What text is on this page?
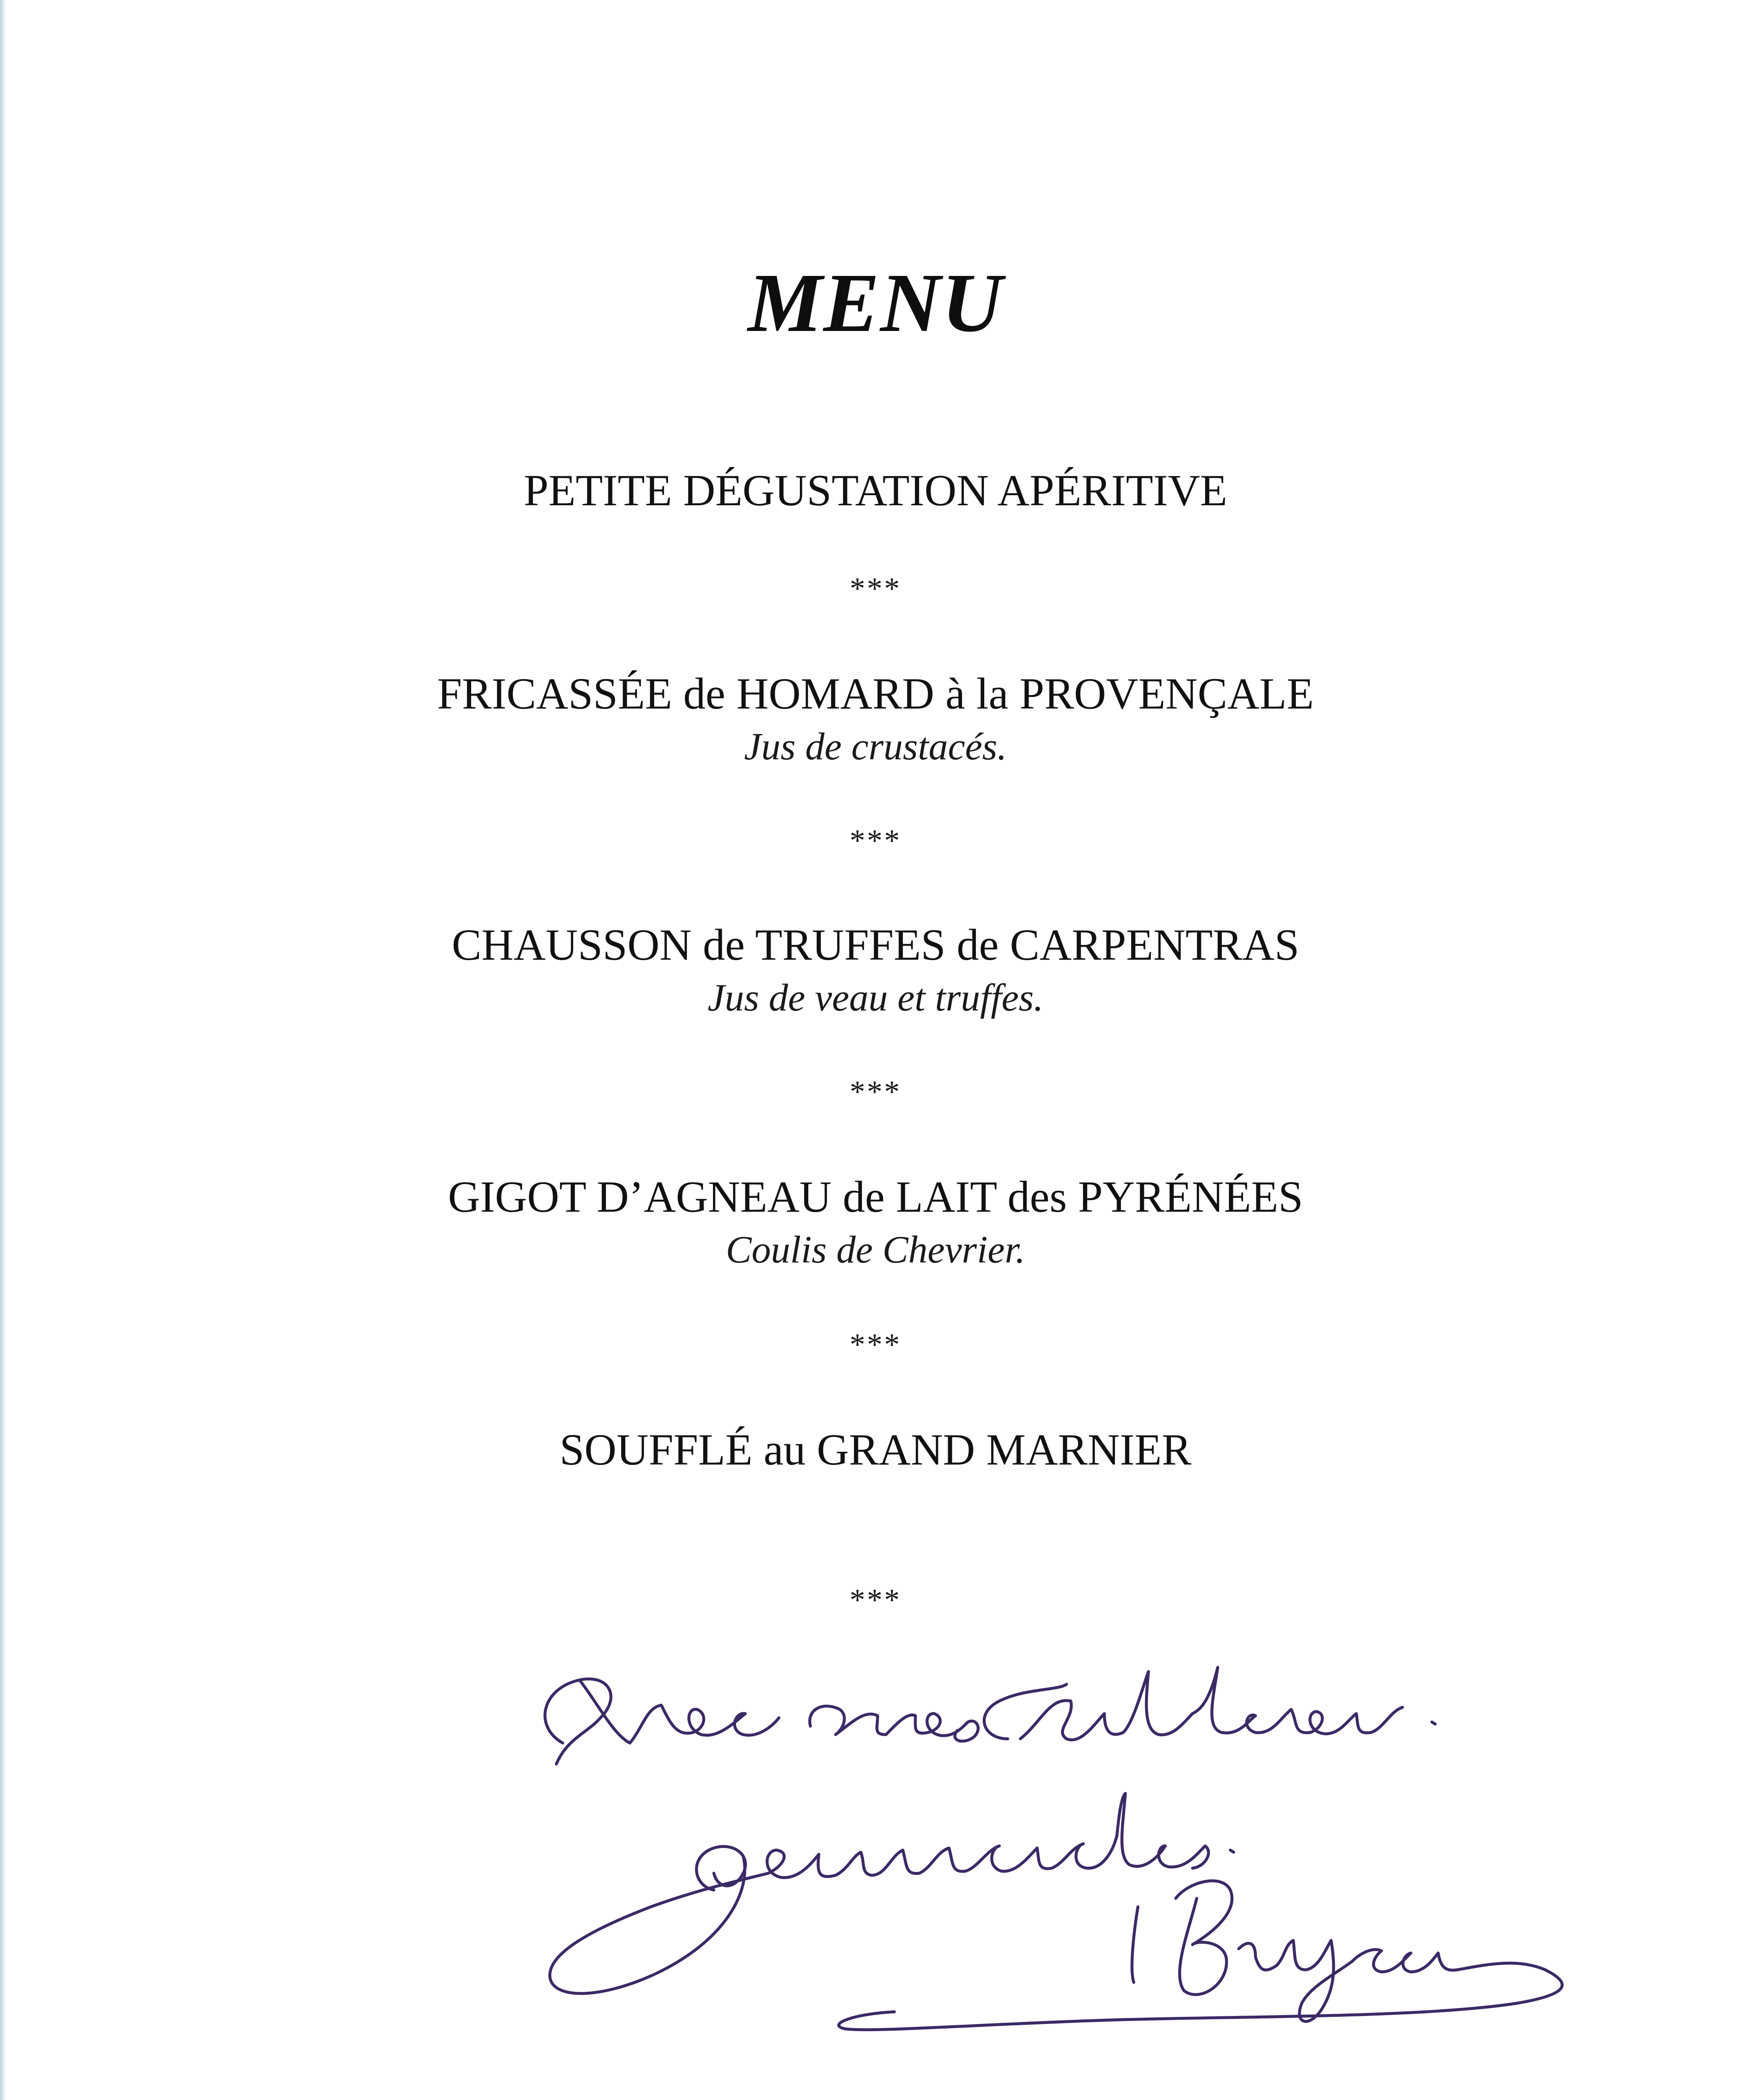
MENU
PETITE DÉGUSTATION APÉRITIVE
***
FRICASSÉE de HOMARD à la PROVENÇALE
Jus de crustacés.
***
CHAUSSON de TRUFFES de CARPENTRAS
Jus de veau et truffes.
***
GIGOT D’AGNEAU de LAIT des PYRÉNÉES
Coulis de Chevrier.
***
SOUFFLÉ au GRAND MARNIER
***
